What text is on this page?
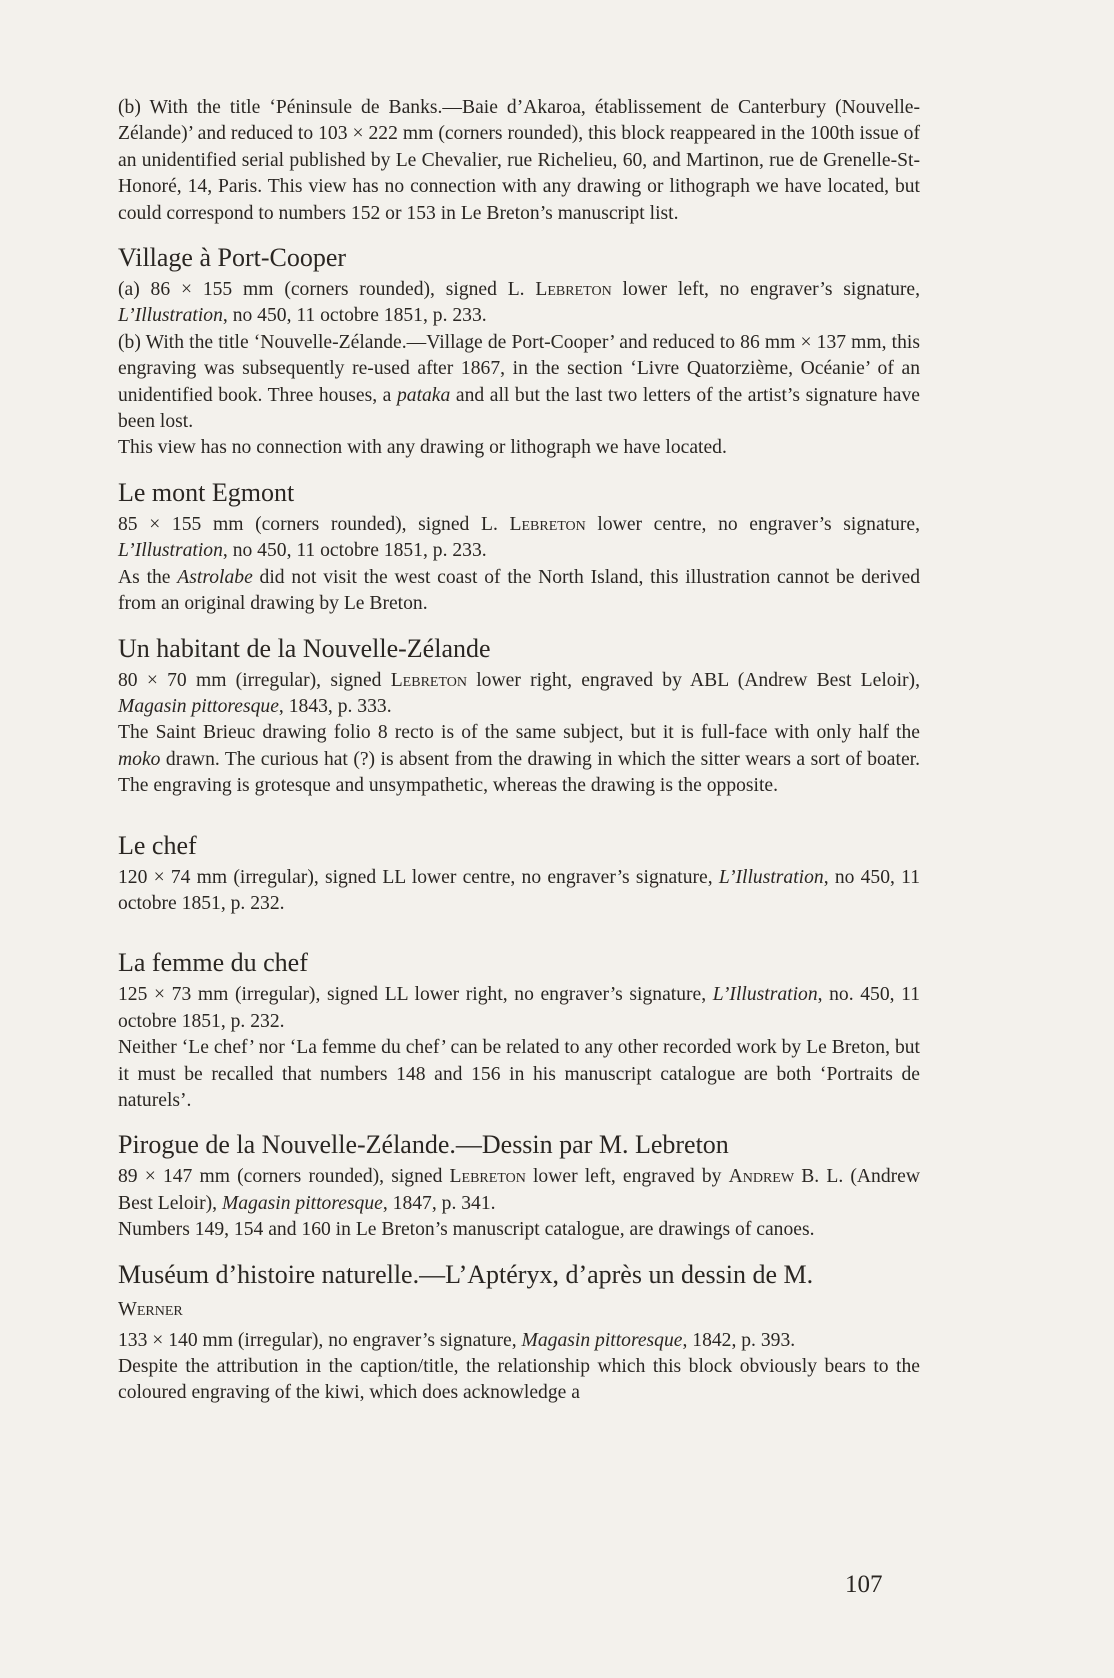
(b) With the title ‘Péninsule de Banks.—Baie d’Akaroa, établissement de Canterbury (Nouvelle-Zélande)’ and reduced to 103 × 222 mm (corners rounded), this block reappeared in the 100th issue of an unidentified serial published by Le Chevalier, rue Richelieu, 60, and Martinon, rue de Grenelle-St-Honoré, 14, Paris. This view has no connection with any drawing or lithograph we have located, but could correspond to numbers 152 or 153 in Le Breton’s manuscript list.

Village à Port-Cooper

(a) 86 × 155 mm (corners rounded), signed L. Lebreton lower left, no engraver’s signature, L’Illustration, no 450, 11 octobre 1851, p. 233.

(b) With the title ‘Nouvelle-Zélande.—Village de Port-Cooper’ and reduced to 86 mm × 137 mm, this engraving was subsequently re-used after 1867, in the section ‘Livre Quatorzième, Océanie’ of an unidentified book. Three houses, a pataka and all but the last two letters of the artist’s signature have been lost.

This view has no connection with any drawing or lithograph we have located.

Le mont Egmont

85 × 155 mm (corners rounded), signed L. Lebreton lower centre, no engraver’s signature, L’Illustration, no 450, 11 octobre 1851, p. 233.

As the Astrolabe did not visit the west coast of the North Island, this illustration cannot be derived from an original drawing by Le Breton.

Un habitant de la Nouvelle-Zélande

80 × 70 mm (irregular), signed Lebreton lower right, engraved by ABL (Andrew Best Leloir), Magasin pittoresque, 1843, p. 333.

The Saint Brieuc drawing folio 8 recto is of the same subject, but it is full-face with only half the moko drawn. The curious hat (?) is absent from the drawing in which the sitter wears a sort of boater. The engraving is grotesque and unsympathetic, whereas the drawing is the opposite.

Le chef

120 × 74 mm (irregular), signed LL lower centre, no engraver’s signature, L’Illustration, no 450, 11 octobre 1851, p. 232.

La femme du chef

125 × 73 mm (irregular), signed LL lower right, no engraver’s signature, L’Illustration, no. 450, 11 octobre 1851, p. 232.

Neither ‘Le chef’ nor ‘La femme du chef’ can be related to any other recorded work by Le Breton, but it must be recalled that numbers 148 and 156 in his manuscript catalogue are both ‘Portraits de naturels’.

Pirogue de la Nouvelle-Zélande.—Dessin par M. Lebreton

89 × 147 mm (corners rounded), signed Lebreton lower left, engraved by Andrew B. L. (Andrew Best Leloir), Magasin pittoresque, 1847, p. 341.

Numbers 149, 154 and 160 in Le Breton’s manuscript catalogue, are drawings of canoes.

Muséum d’histoire naturelle.—L’Aptéryx, d’après un dessin de M.
Werner

133 × 140 mm (irregular), no engraver’s signature, Magasin pittoresque, 1842, p. 393.

Despite the attribution in the caption/title, the relationship which this block obviously bears to the coloured engraving of the kiwi, which does acknowledge a

107
